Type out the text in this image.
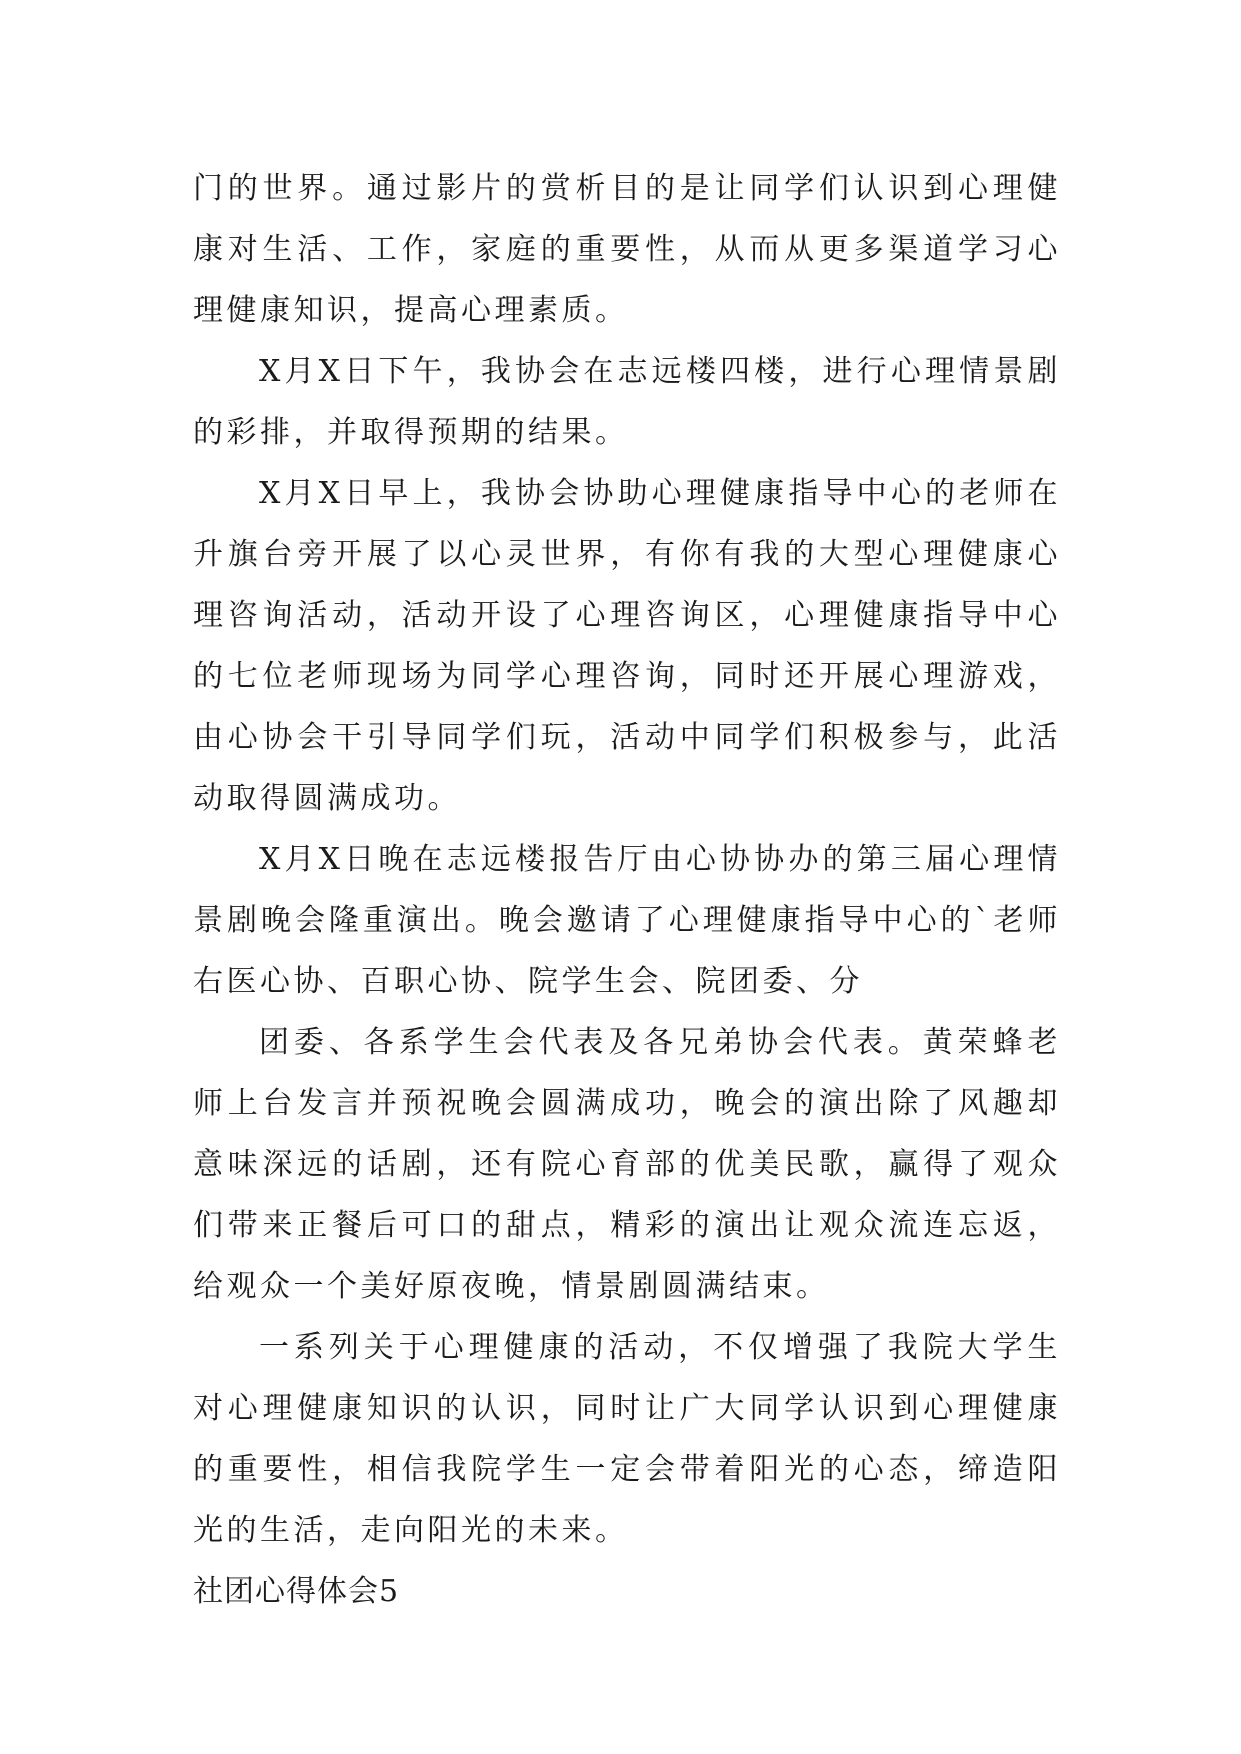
门的世界。通过影片的赏析目的是让同学们认识到心理健康对生活、工作，家庭的重要性，从而从更多渠道学习心理健康知识，提高心理素质。

X月X日下午，我协会在志远楼四楼，进行心理情景剧的彩排，并取得预期的结果。

X月X日早上，我协会协助心理健康指导中心的老师在升旗台旁开展了以心灵世界，有你有我的大型心理健康心理咨询活动，活动开设了心理咨询区，心理健康指导中心的七位老师现场为同学心理咨询，同时还开展心理游戏，由心协会干引导同学们玩，活动中同学们积极参与，此活动取得圆满成功。

X月X日晚在志远楼报告厅由心协协办的第三届心理情景剧晚会隆重演出。晚会邀请了心理健康指导中心的`老师右医心协、百职心协、院学生会、院团委、分

团委、各系学生会代表及各兄弟协会代表。黄荣蜂老师上台发言并预祝晚会圆满成功，晚会的演出除了风趣却意味深远的话剧，还有院心育部的优美民歌，赢得了观众们带来正餐后可口的甜点，精彩的演出让观众流连忘返，给观众一个美好原夜晚，情景剧圆满结束。

一系列关于心理健康的活动，不仅增强了我院大学生对心理健康知识的认识，同时让广大同学认识到心理健康的重要性，相信我院学生一定会带着阳光的心态，缔造阳光的生活，走向阳光的未来。

社团心得体会5
